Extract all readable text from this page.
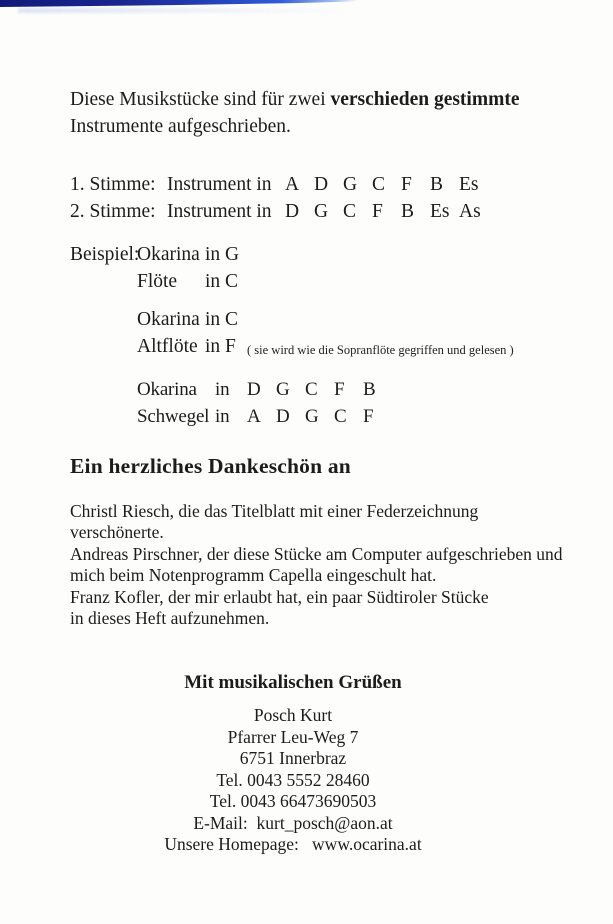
Diese Musikstücke sind für zwei verschieden gestimmte
Instrumente aufgeschrieben.

1. Stimme: Instrument in A D G C F B Es
2. Stimme: Instrument in D G C F B Es As
Beispiel:
Okarina in G
Flöte	in C
Okarina in C
Altflöte in F ( sie wird wie die Sopranflöte gegriffen und gelesen )
Okarina in D G C F B
Schwegel in A D G C F
Ein herzliches Dankeschön an
Christl Riesch, die das Titelblatt mit einer Federzeichnung
verschönerte.
Andreas Pirschner, der diese Stücke am Computer aufgeschrieben und
mich beim Notenprogramm Capella eingeschult hat.
Franz Kofler, der mir erlaubt hat, ein paar Südtiroler Stücke
in dieses Heft aufzunehmen.
Mit musikalischen Grüßen
Posch Kurt
Pfarrer Leu-Weg 7
6751 Innerbraz
Tel. 0043 5552 28460
Tel. 0043 66473690503
E-Mail:  kurt_posch@aon.at
Unsere Homepage:   www.ocarina.at
